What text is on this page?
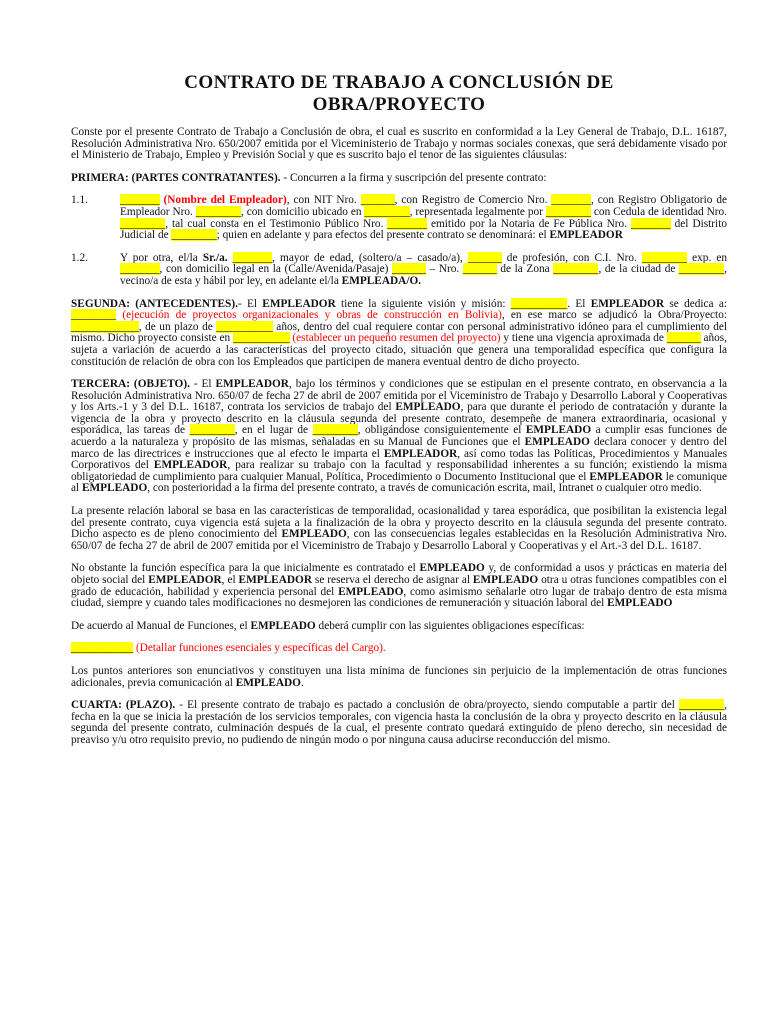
CONTRATO DE TRABAJO A CONCLUSIÓN DE
OBRA/PROYECTO

Conste por el presente Contrato de Trabajo a Conclusión de obra, el cual es suscrito en conformidad a la Ley General de Trabajo, D.L. 16187, Resolución Administrativa Nro. 650/2007 emitida por el Viceministerio de Trabajo y normas sociales conexas, que será debidamente visado por el Ministerio de Trabajo, Empleo y Previsión Social y que es suscrito bajo el tenor de las siguientes cláusulas:

PRIMERA: (PARTES CONTRATANTES). - Concurren a la firma y suscripción del presente contrato:

1.1.	_______ (Nombre del Empleador), con NIT Nro. ______, con Registro de Comercio Nro. _______, con Registro Obligatorio de Empleador Nro. ________, con domicilio ubicado en ________, representada legalmente por ________ con Cedula de identidad Nro. ________, tal cual consta en el Testimonio Público Nro. _______ emitido por la Notaria de Fe Pública Nro. _______ del Distrito Judicial de ________; quien en adelante y para efectos del presente contrato se denominará: el EMPLEADOR
1.2.	Y por otra, el/la Sr./a. _______, mayor de edad, (soltero/a – casado/a), ______ de profesión, con C.I. Nro. ________ exp. en _______, con domicilio legal en la (Calle/Avenida/Pasaje) ______ – Nro. ______ de la Zona ________, de la ciudad de ________, vecino/a de esta y hábil por ley, en adelante el/la EMPLEADA/O.

SEGUNDA: (ANTECEDENTES).- El EMPLEADOR tiene la siguiente visión y misión: __________. El EMPLEADOR se dedica a: ________ (ejecución de proyectos organizacionales y obras de construcción en Bolivia), en ese marco se adjudicó la Obra/Proyecto: ____________, de un plazo de __________ años, dentro del cual requiere contar con personal administrativo idóneo para el cumplimiento del mismo. Dicho proyecto consiste en __________ (establecer un pequeño resumen del proyecto) y tiene una vigencia aproximada de ______ años, sujeta a variación de acuerdo a las características del proyecto citado, situación que genera una temporalidad específica que configura la constitución de relación de obra con los Empleados que participen de manera eventual dentro de dicho proyecto.

TERCERA: (OBJETO). - El EMPLEADOR, bajo los términos y condiciones que se estipulan en el presente contrato, en observancia a la Resolución Administrativa Nro. 650/07 de fecha 27 de abril de 2007 emitida por el Viceministro de Trabajo y Desarrollo Laboral y Cooperativas y los Arts.-1 y 3 del D.L. 16187, contrata los servicios de trabajo del EMPLEADO, para que durante el periodo de contratación y durante la vigencia de la obra y proyecto descrito en la cláusula segunda del presente contrato, desempeñe de manera extraordinaria, ocasional y esporádica, las tareas de ________, en el lugar de ________, obligándose consiguientemente el EMPLEADO a cumplir esas funciones de acuerdo a la naturaleza y propósito de las mismas, señaladas en su Manual de Funciones que el EMPLEADO declara conocer y dentro del marco de las directrices e instrucciones que al efecto le imparta el EMPLEADOR, así como todas las Políticas, Procedimientos y Manuales Corporativos del EMPLEADOR, para realizar su trabajo con la facultad y responsabilidad inherentes a su función; existiendo la misma obligatoriedad de cumplimiento para cualquier Manual, Política, Procedimiento o Documento Institucional que el EMPLEADOR le comunique al EMPLEADO, con posterioridad a la firma del presente contrato, a través de comunicación escrita, mail, Intranet o cualquier otro medio.

La presente relación laboral se basa en las características de temporalidad, ocasionalidad y tarea esporádica, que posibilitan la existencia legal del presente contrato, cuya vigencia está sujeta a la finalización de la obra y proyecto descrito en la cláusula segunda del presente contrato. Dicho aspecto es de pleno conocimiento del EMPLEADO, con las consecuencias legales establecidas en la Resolución Administrativa Nro. 650/07 de fecha 27 de abril de 2007 emitida por el Viceministro de Trabajo y Desarrollo Laboral y Cooperativas y el Art.-3 del D.L. 16187.

No obstante la función específica para la que inicialmente es contratado el EMPLEADO y, de conformidad a usos y prácticas en materia del objeto social del EMPLEADOR, el EMPLEADOR se reserva el derecho de asignar al EMPLEADO otra u otras funciones compatibles con el grado de educación, habilidad y experiencia personal del EMPLEADO, como asimismo señalarle otro lugar de trabajo dentro de esta misma ciudad, siempre y cuando tales modificaciones no desmejoren las condiciones de remuneración y situación laboral del EMPLEADO

De acuerdo al Manual de Funciones, el EMPLEADO deberá cumplir con las siguientes obligaciones específicas:

___________ (Detallar funciones esenciales y específicas del Cargo).

Los puntos anteriores son enunciativos y constituyen una lista mínima de funciones sin perjuicio de la implementación de otras funciones adicionales, previa comunicación al EMPLEADO.

CUARTA: (PLAZO). - El presente contrato de trabajo es pactado a conclusión de obra/proyecto, siendo computable a partir del ________, fecha en la que se inicia la prestación de los servicios temporales, con vigencia hasta la conclusión de la obra y proyecto descrito en la cláusula segunda del presente contrato, culminación después de la cual, el presente contrato quedará extinguido de pleno derecho, sin necesidad de preaviso y/u otro requisito previo, no pudiendo de ningún modo o por ninguna causa aducirse reconducción del mismo.
